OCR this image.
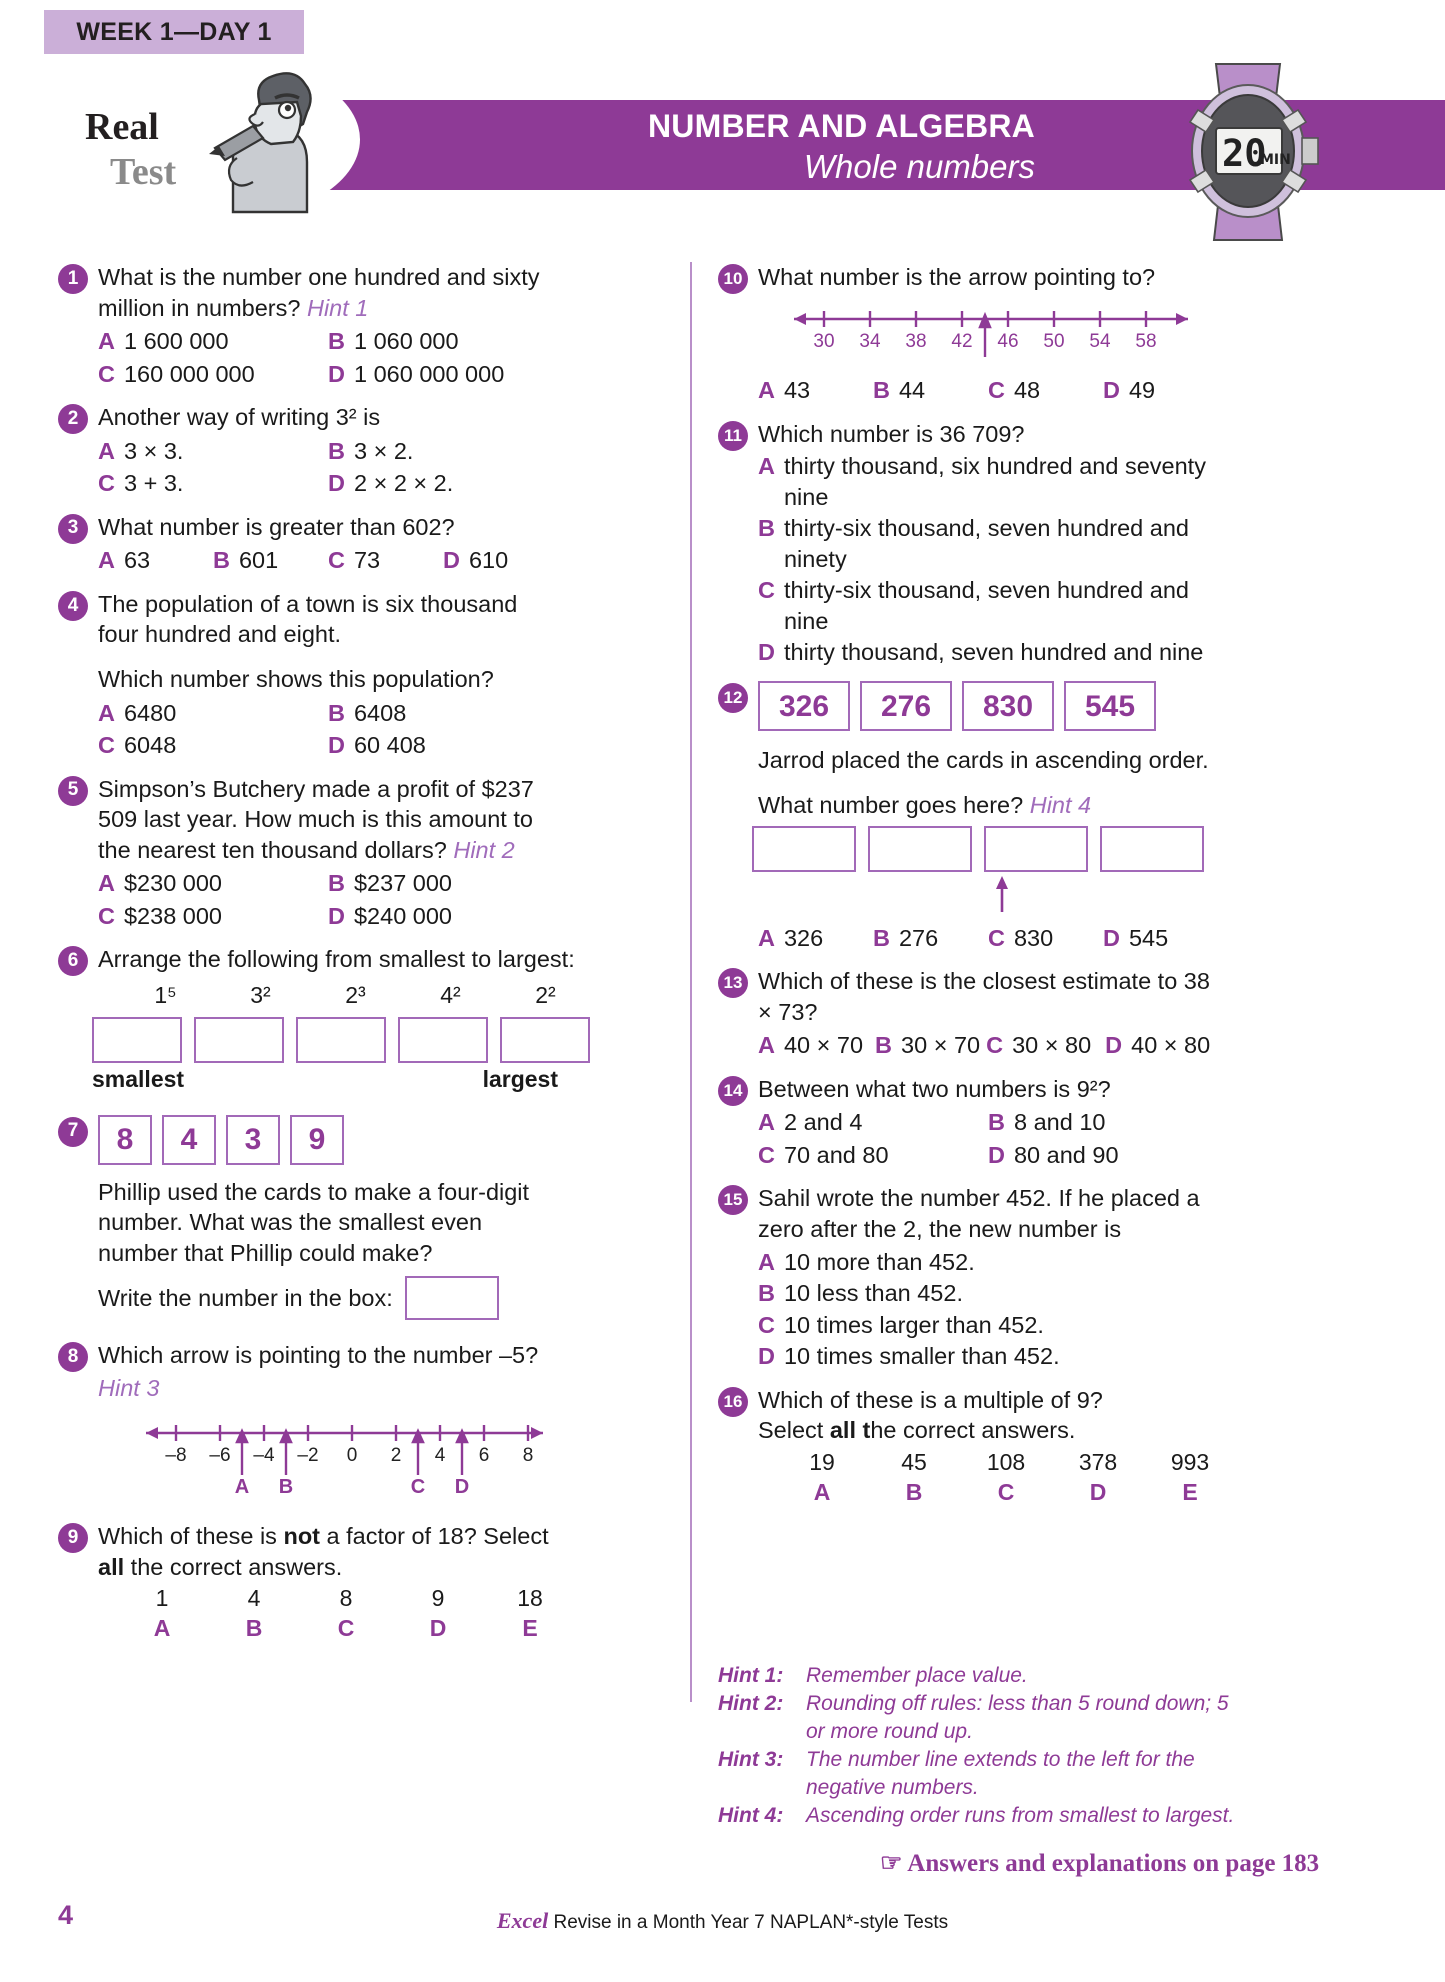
WEEK 1—DAY 1
NUMBER AND ALGEBRA
Whole numbers
Real
Test	20
MIN
1 What is the number one hundred and sixty million in numbers? Hint 1

A 1 600 000	B 1 060 000
C 160 000 000	D 1 060 000 000
2 Another way of writing 3² is

A 3 × 3.	B 3 × 2.
C 3 + 3.	D 2 × 2 × 2.
3 What number is greater than 602?

A 63	B 601 C 73	D 610
4 The population of a town is six thousand four hundred and eight.

Which number shows this population?

A 6480	B 6408
C 6048	D 60 408
5 Simpson’s Butchery made a profit of $237 509 last year. How much is this amount to the nearest ten thousand dollars? Hint 2

A $230 000	B $237 000
C $238 000	D $240 000
6 Arrange the following from smallest to largest:

1⁵	3²	2³	4²	2²
smallest	largest
7	8	4	3	9

Phillip used the cards to make a four-digit number. What was the smallest even number that Phillip could make?

Write the number in the box:
8 Which arrow is pointing to the number –5?

Hint 3

–8 –6 –4 –2 0 2 4 6 8
A B	C D
9 Which of these is not a factor of 18? Select all the correct answers.

1	4	8	9	18
A	B	C	D	E
10 What number is the arrow pointing to?

30 34 38 42 46 50 54 58
A 43	B 44	C 48	D 49
11 Which number is 36 709?

A thirty thousand, six hundred and seventy nine
B thirty-six thousand, seven hundred and ninety
C thirty-six thousand, seven hundred and nine
D thirty thousand, seven hundred and nine
12	326	276	830	545

Jarrod placed the cards in ascending order.

What number goes here? Hint 4

A 326 B 276 C 830 D 545
13 Which of these is the closest estimate to 38 × 73?

A 40 × 70 B 30 × 70 C 30 × 80 D 40 × 80
14 Between what two numbers is 9²?

A 2 and 4	B 8 and 10
C 70 and 80	D 80 and 90
15 Sahil wrote the number 452. If he placed a zero after the 2, the new number is

A 10 more than 452.
B 10 less than 452.
C 10 times larger than 452.
D 10 times smaller than 452.
16 Which of these is a multiple of 9?
Select all the correct answers.

19	45	108	378	993
A	B	C	D	E
Hint 1:	Remember place value.
Hint 2:	Rounding off rules: less than 5 round down; 5 or more round up.
Hint 3:	The number line extends to the left for the negative numbers.
Hint 4:	Ascending order runs from smallest to largest.
☞ Answers and explanations on page 183
4	Excel Revise in a Month Year 7 NAPLAN*-style Tests
